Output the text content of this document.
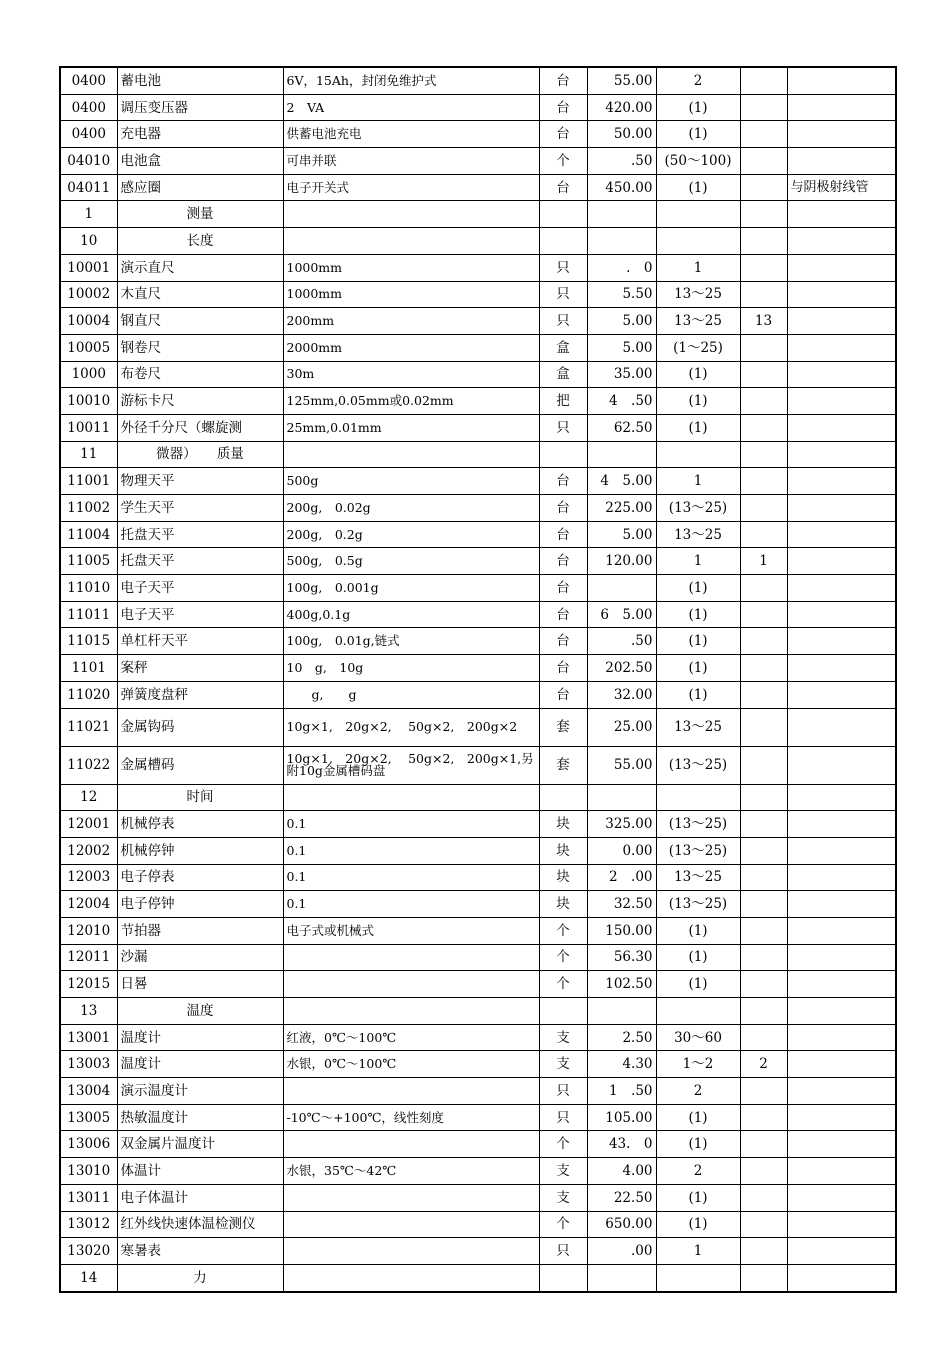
0400	蓄电池	6V，15Ah，封闭免维护式	台	55.00	2		
0400	调压变压器	2　VA	台	420.00	(1)		
0400	充电器	供蓄电池充电	台	50.00	(1)		
04010	电池盒	可串并联	个	.50	(50～100)		
04011	感应圈	电子开关式	台	450.00	(1)		与阴极射线管
1	测量						
10	长度						
10001	演示直尺	1000mm	只	.　0	1		
10002	木直尺	1000mm	只	5.50	13～25		
10004	钢直尺	200mm	只	5.00	13～25	13	
10005	钢卷尺	2000mm	盒	5.00	(1～25)		
1000	布卷尺	30m	盒	35.00	(1)		
10010	游标卡尺	125mm,0.05mm或0.02mm	把	4　.50	(1)		
10011	外径千分尺（螺旋测	25mm,0.01mm	只	62.50	(1)		
11	微器）　　质量						
11001	物理天平	500g	台	4　5.00	1		
11002	学生天平	200g,　0.02g	台	225.00	(13～25)		
11004	托盘天平	200g,　0.2g	台	5.00	13～25		
11005	托盘天平	500g,　0.5g	台	120.00	1	1	
11010	电子天平	100g,　0.001g	台		(1)		
11011	电子天平	400g,0.1g	台	6　5.00	(1)		
11015	单杠杆天平	100g,　0.01g,链式	台	.50	(1)		
1101	案秤	10　g,　10g	台	202.50	(1)		
11020	弹簧度盘秤	　　g,　　g	台	32.00	(1)		
11021	金属钩码	10g×1,　20g×2,　 50g×2,　200g×2	套	25.00	13～25		
11022	金属槽码	10g×1,　20g×2,　 50g×2,　200g×1,另附10g金属槽码盘	套	55.00	(13～25)		
12	时间						
12001	机械停表	0.1	块	325.00	(13～25)		
12002	机械停钟	0.1	块	0.00	(13～25)		
12003	电子停表	0.1	块	2　.00	13～25		
12004	电子停钟	0.1	块	32.50	(13～25)		
12010	节拍器	电子式或机械式	个	150.00	(1)		
12011	沙漏		个	56.30	(1)		
12015	日晷		个	102.50	(1)		
13	温度						
13001	温度计	红液，0℃～100℃	支	2.50	30～60		
13003	温度计	水银，0℃～100℃	支	4.30	1～2	2	
13004	演示温度计		只	1　.50	2		
13005	热敏温度计	-10℃～+100℃，线性刻度	只	105.00	(1)		
13006	双金属片温度计		个	43.　0	(1)		
13010	体温计	水银，35℃～42℃	支	4.00	2		
13011	电子体温计		支	22.50	(1)		
13012	红外线快速体温检测仪		个	650.00	(1)		
13020	寒暑表		只	.00	1		
14	力						
